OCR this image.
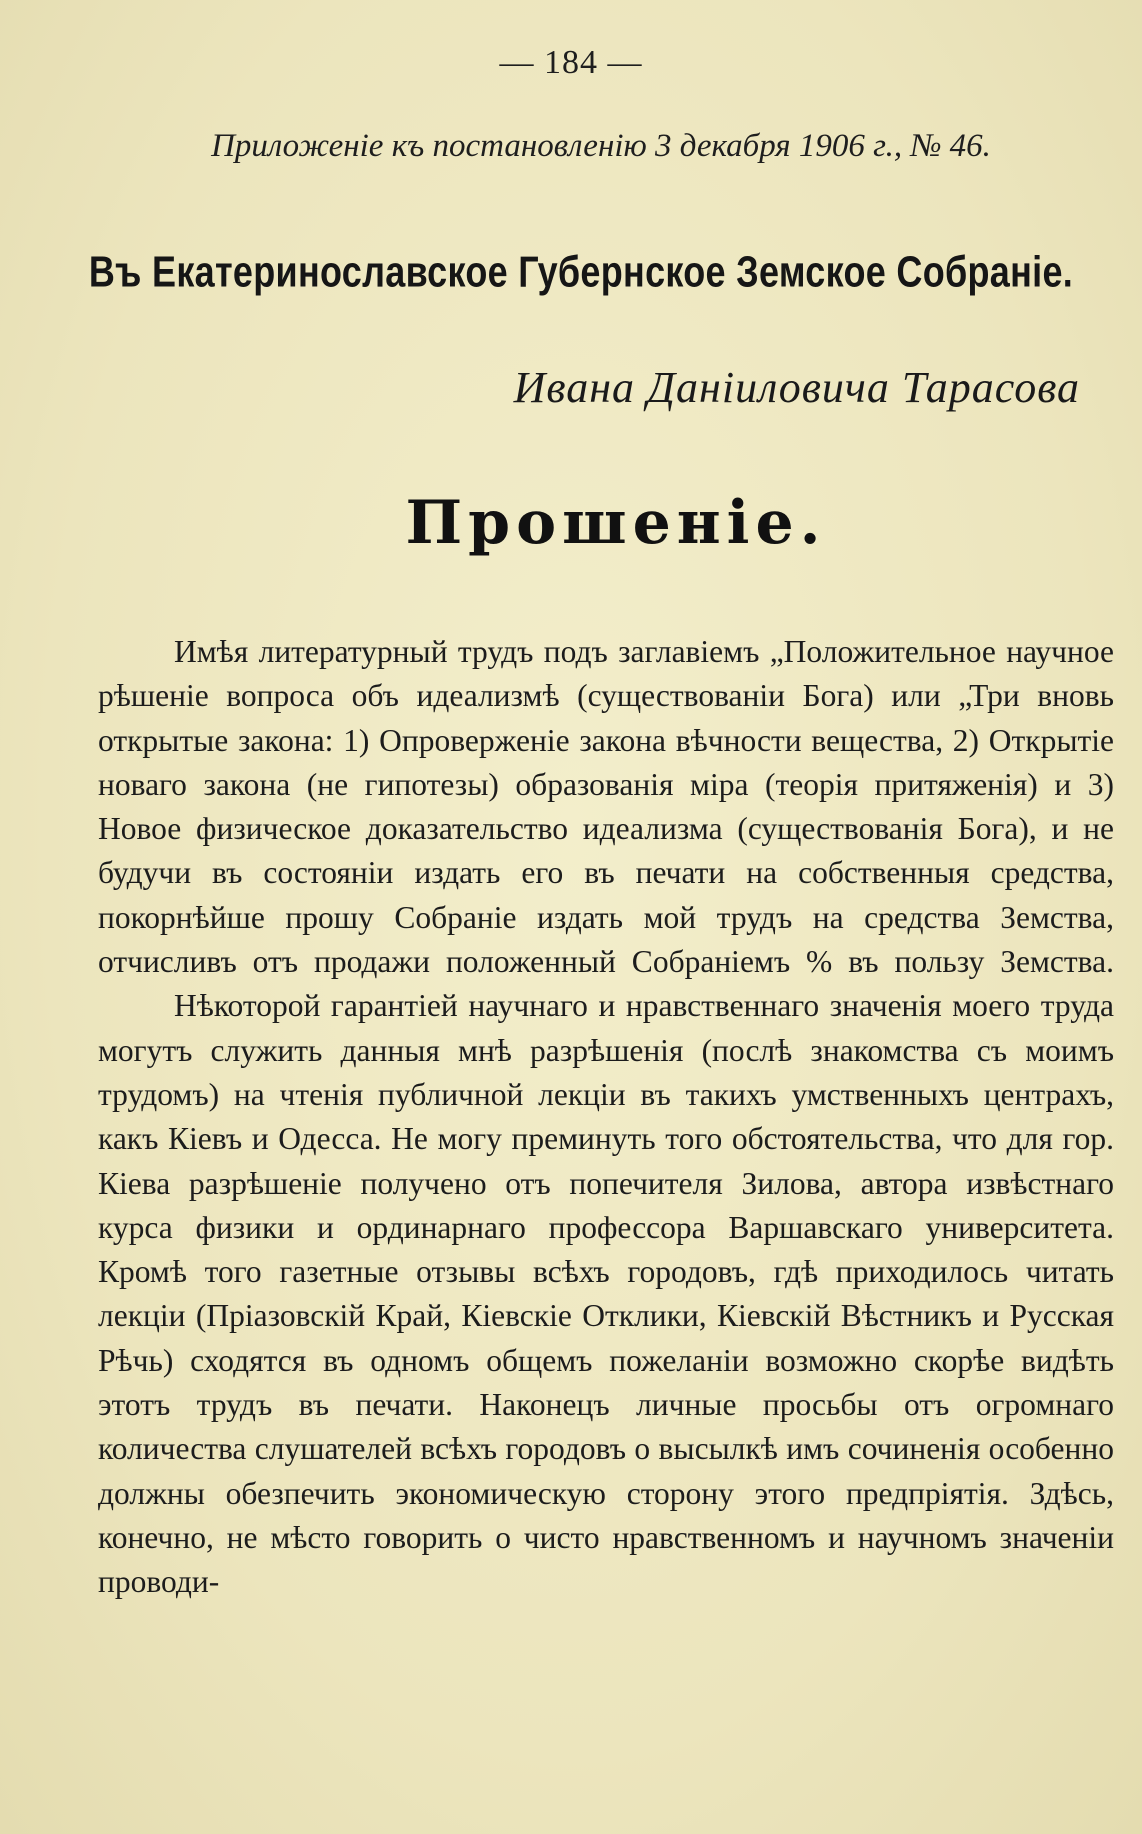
— 184 —
Приложеніе къ постановленію 3 декабря 1906 г., № 46.
Въ Екатеринославское Губернское Земское Собраніе.
Ивана Даніиловича Тарасова
Прошеніе.

Имѣя литературный трудъ подъ заглавіемъ „Положительное научное рѣшеніе вопроса объ идеализмѣ (существованіи Бога) или „Три вновь открытые закона: 1) Опроверженіе закона вѣчности вещества, 2) Открытіе новаго закона (не гипотезы) образованія міра (теорія притяженія) и 3) Новое физическое доказательство идеализма (существованія Бога), и не будучи въ состояніи издать его въ печати на собственныя средства, покорнѣйше прошу Собраніе издать мой трудъ на средства Земства, отчисливъ отъ продажи положенный Собраніемъ % въ пользу Земства.

Нѣкоторой гарантіей научнаго и нравственнаго значенія моего труда могутъ служить данныя мнѣ разрѣшенія (послѣ знакомства съ моимъ трудомъ) на чтенія публичной лекціи въ такихъ умственныхъ центрахъ, какъ Кіевъ и Одесса. Не могу преминуть того обстоятельства, что для гор. Кіева разрѣшеніе получено отъ попечителя Зилова, автора извѣстнаго курса физики и ординарнаго профессора Варшавскаго университета. Кромѣ того газетные отзывы всѣхъ городовъ, гдѣ приходилось читать лекціи (Пріазовскій Край, Кіевскіе Отклики, Кіевскій Вѣстникъ и Русская Рѣчь) сходятся въ одномъ общемъ пожеланіи возможно скорѣе видѣть этотъ трудъ въ печати. Наконецъ личные просьбы отъ огромнаго количества слушателей всѣхъ городовъ о высылкѣ имъ сочиненія особенно должны обезпечить экономическую сторону этого предпріятія. Здѣсь, конечно, не мѣсто говорить о чисто нравственномъ и научномъ значеніи проводи-
